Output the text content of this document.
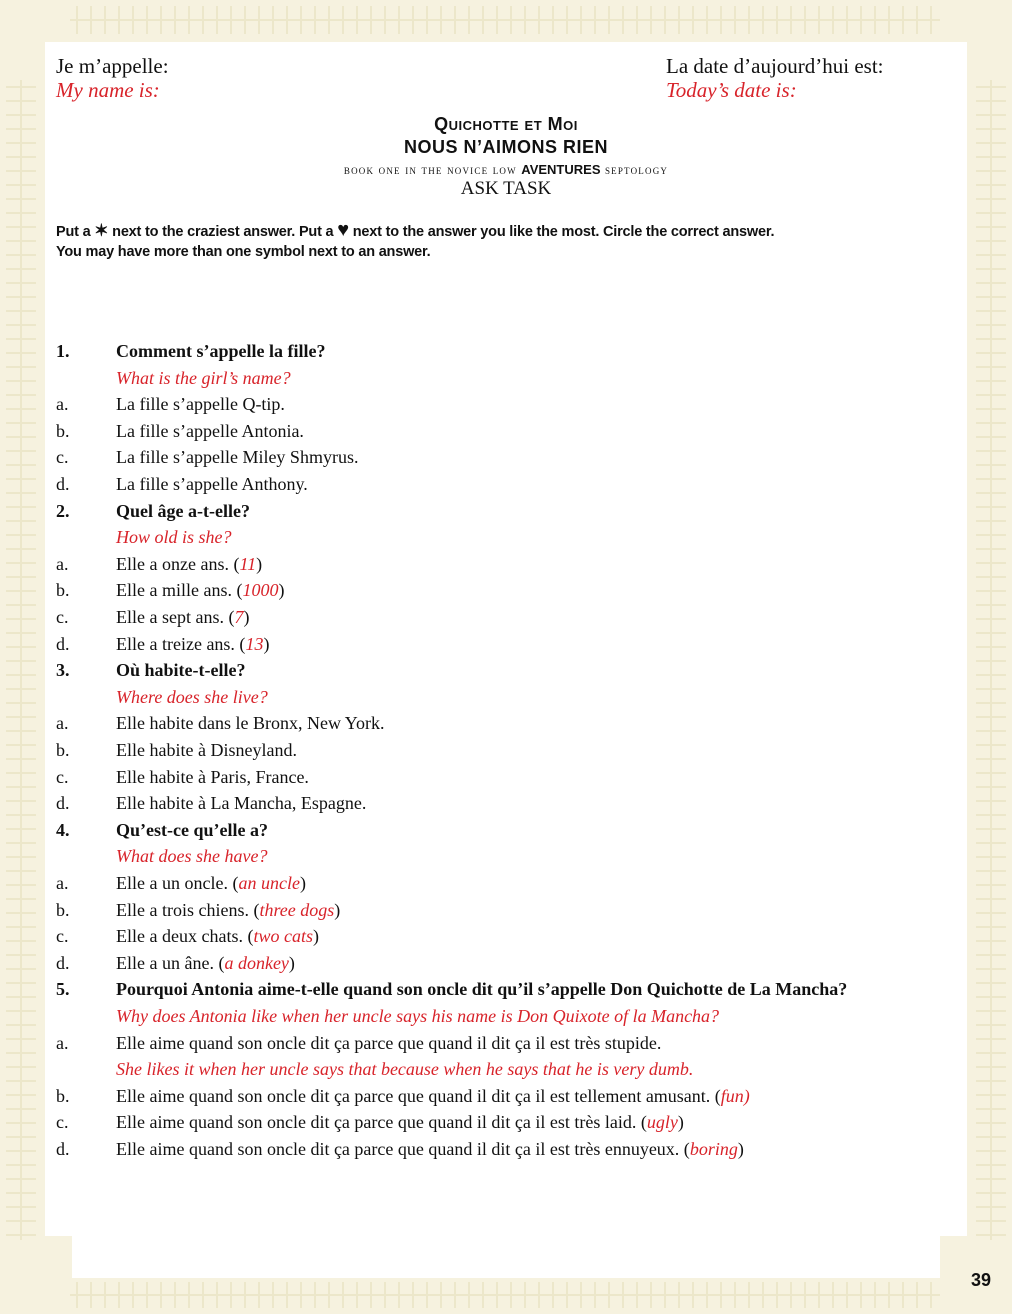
Je m’appelle:
My name is:
La date d’aujourd’hui est:
Today’s date is:
Quichotte et Moi
NOUS N’AIMONS RIEN
book one in the novice low AVENTURES septology
ASK TASK
Put a ✶ next to the craziest answer. Put a ♥ next to the answer you like the most. Circle the correct answer.
You may have more than one symbol next to an answer.
1.	Comment s’appelle la fille?
What is the girl’s name?
a.	La fille s’appelle Q-tip.
b.	La fille s’appelle Antonia.
c.	La fille s’appelle Miley Shmyrus.
d.	La fille s’appelle Anthony.
2.	Quel âge a-t-elle?
How old is she?
a.	Elle a onze ans. (11)
b.	Elle a mille ans. (1000)
c.	Elle a sept ans. (7)
d.	Elle a treize ans. (13)
3.	Où habite-t-elle?
Where does she live?
a.	Elle habite dans le Bronx, New York.
b.	Elle habite à Disneyland.
c.	Elle habite à Paris, France.
d.	Elle habite à La Mancha, Espagne.
4.	Qu’est-ce qu’elle a?
What does she have?
a.	Elle a un oncle. (an uncle)
b.	Elle a trois chiens. (three dogs)
c.	Elle a deux chats. (two cats)
d.	Elle a un âne. (a donkey)
5.	Pourquoi Antonia aime-t-elle quand son oncle dit qu’il s’appelle Don Quichotte de La Mancha?
Why does Antonia like when her uncle says his name is Don Quixote of la Mancha?
a.	Elle aime quand son oncle dit ça parce que quand il dit ça il est très stupide.
She likes it when her uncle says that because when he says that he is very dumb.
b.	Elle aime quand son oncle dit ça parce que quand il dit ça il est tellement amusant. (fun)
c.	Elle aime quand son oncle dit ça parce que quand il dit ça il est très laid. (ugly)
d.	Elle aime quand son oncle dit ça parce que quand il dit ça il est très ennuyeux. (boring)
39
